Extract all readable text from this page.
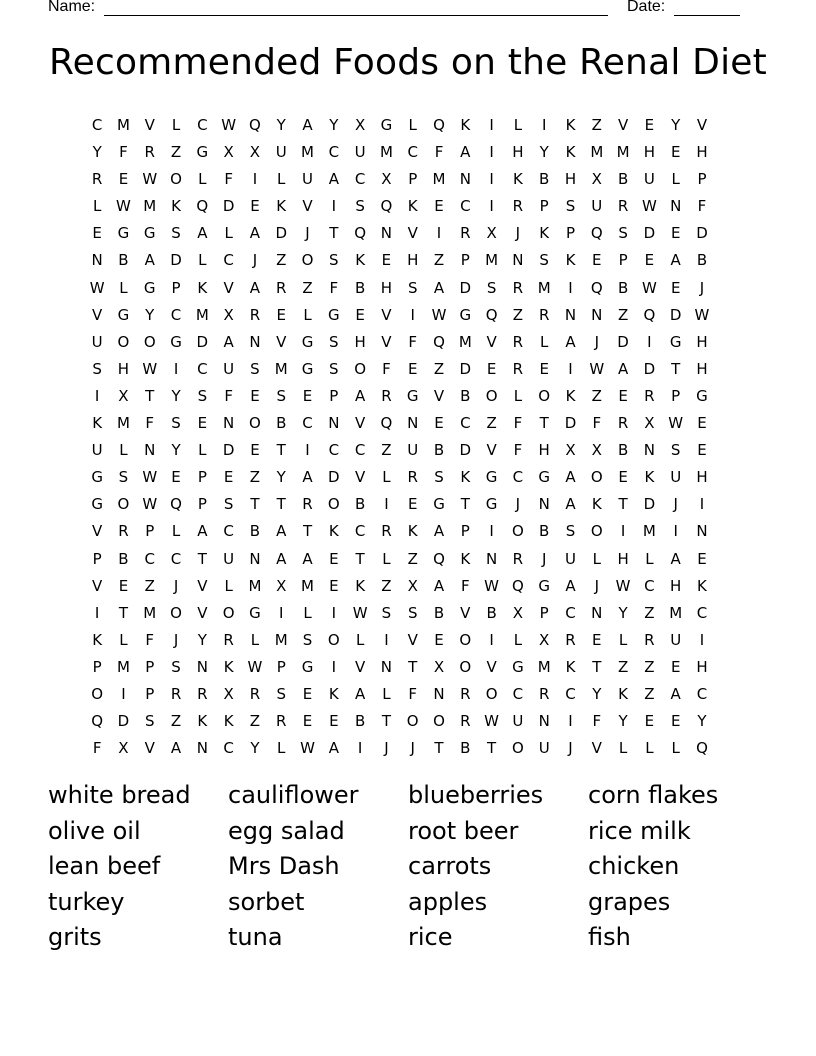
Name:	Date:
Recommended Foods on the Renal Diet
C M V	L	C W Q	Y	A	Y	X	G	L	Q	K	I	L	I	K	Z	V	E	Y	V
Y	F	R	Z	G	X	X	U M C	U M C	F	A	I	H	Y	K M M H	E	H
R	E W O	L	F	I	L	U	A	C	X	P	M N	I	K	B	H	X	B	U	L	P
L W M K	Q D	E	K	V	I	S	Q	K	E	C	I	R	P	S	U	R W N	F
E	G G	S	A	L	A	D	J	T	Q N	V	I	R	X	J	K	P	Q	S	D	E	D
N	B	A	D	L	C	J	Z	O	S	K	E	H	Z	P	M N	S	K	E	P	E	A	B
W L	G	P	K	V	A	R	Z	F	B	H	S	A	D	S	R M	I	Q	B W E	J
V	G	Y	C M X	R	E	L	G	E	V	I	W G Q	Z	R	N	N	Z	Q D W
U O O G D	A	N	V	G	S	H	V	F	Q M V	R	L	A	J	D	I	G H
S	H W	I	C	U	S	M G	S	O	F	E	Z	D	E	R	E	I	W A	D	T	H
I	X	T	Y	S	F	E	S	E	P	A	R	G	V	B	O	L	O	K	Z	E	R	P	G
K M	F	S	E	N O	B	C	N	V	Q N	E	C	Z	F	T	D	F	R	X W E
U	L	N	Y	L	D	E	T	I	C	C	Z	U	B	D	V	F	H	X	X	B	N	S	E
G	S W E	P	E	Z	Y	A	D	V	L	R	S	K	G	C	G	A	O	E	K	U	H
G O W Q	P	S	T	T	R	O	B	I	E	G	T	G	J	N	A	K	T	D	J	I
V	R	P	L	A	C	B	A	T	K	C	R	K	A	P	I	O	B	S	O	I	M	I	N
P	B	C	C	T	U	N	A	A	E	T	L	Z	Q	K	N	R	J	U	L	H	L	A	E
V	E	Z	J	V	L	M X M	E	K	Z	X	A	F W Q G	A	J	W C	H	K
I	T	M O	V	O G	I	L	I	W S	S	B	V	B	X	P	C	N	Y	Z M C
K	L	F	J	Y	R	L	M	S	O	L	I	V	E	O	I	L	X	R	E	L	R	U	I
P	M	P	S	N	K W P	G	I	V	N	T	X	O	V	G M K	T	Z	Z	E	H
O	I	P	R	R	X	R	S	E	K	A	L	F	N	R	O	C	R	C	Y	K	Z	A	C
Q D	S	Z	K	K	Z	R	E	E	B	T	O O	R W U	N	I	F	Y	E	E	Y
F	X	V	A	N	C	Y	L W A	I	J	J	T	B	T	O U	J	V	L	L	L	Q
white bread	cauliflower	blueberries	corn flakes
olive oil	egg salad	root beer	rice milk
lean beef	Mrs Dash	carrots	chicken
turkey	sorbet	apples	grapes
grits	tuna	rice	fish
